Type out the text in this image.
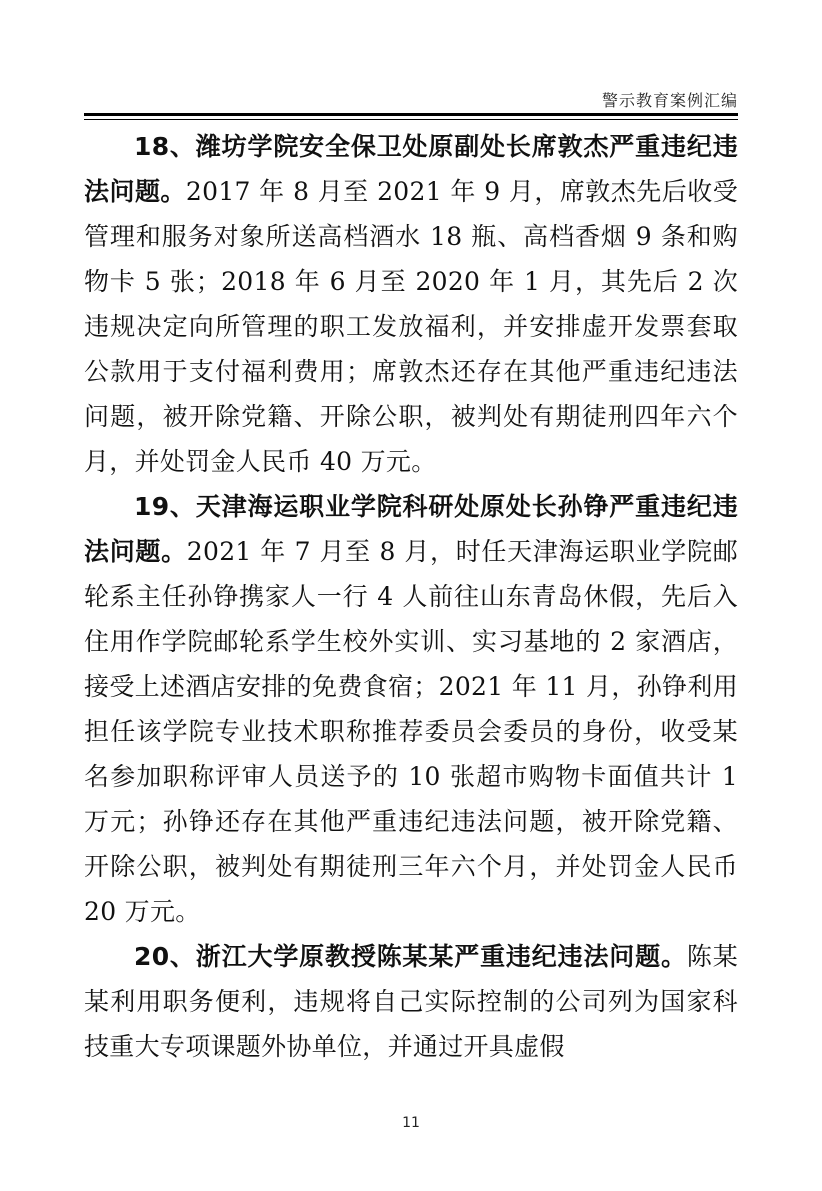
警示教育案例汇编

18、潍坊学院安全保卫处原副处长席敦杰严重违纪违法问题。2017 年 8 月至 2021 年 9 月，席敦杰先后收受管理和服务对象所送高档酒水 18 瓶、高档香烟 9 条和购物卡 5 张；2018 年 6 月至 2020 年 1 月，其先后 2 次违规决定向所管理的职工发放福利，并安排虚开发票套取公款用于支付福利费用；席敦杰还存在其他严重违纪违法问题，被开除党籍、开除公职，被判处有期徒刑四年六个月，并处罚金人民币 40 万元。

19、天津海运职业学院科研处原处长孙铮严重违纪违法问题。2021 年 7 月至 8 月，时任天津海运职业学院邮轮系主任孙铮携家人一行 4 人前往山东青岛休假，先后入住用作学院邮轮系学生校外实训、实习基地的 2 家酒店，接受上述酒店安排的免费食宿；2021 年 11 月，孙铮利用担任该学院专业技术职称推荐委员会委员的身份，收受某名参加职称评审人员送予的 10 张超市购物卡面值共计 1 万元；孙铮还存在其他严重违纪违法问题，被开除党籍、开除公职，被判处有期徒刑三年六个月，并处罚金人民币 20 万元。

20、浙江大学原教授陈某某严重违纪违法问题。陈某某利用职务便利，违规将自己实际控制的公司列为国家科技重大专项课题外协单位，并通过开具虚假

11
